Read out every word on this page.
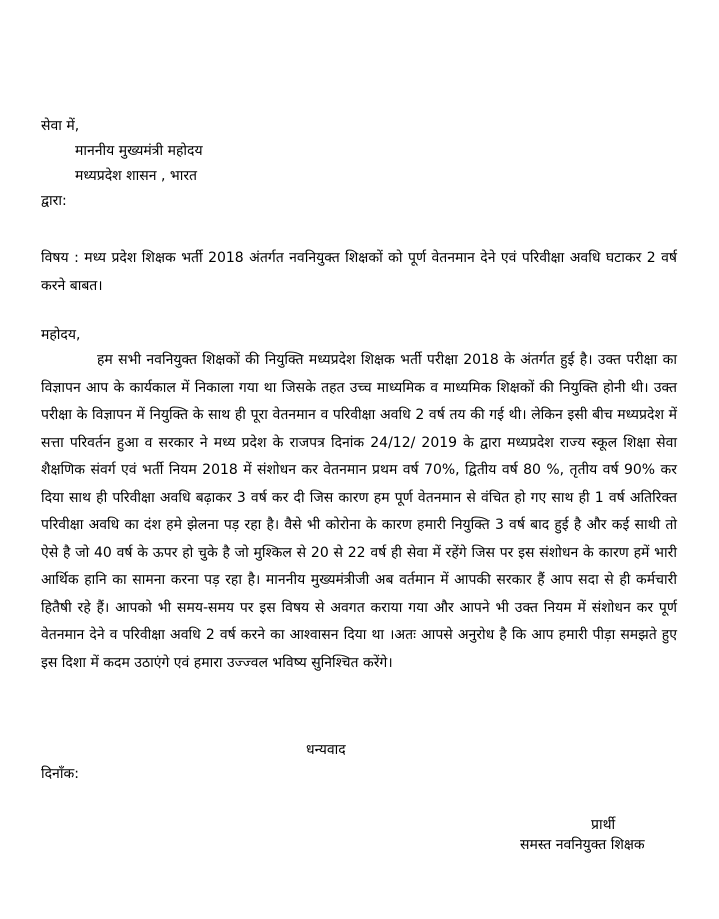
सेवा में,
माननीय मुख्यमंत्री महोदय
मध्यप्रदेश शासन , भारत
द्वारा:

विषय : मध्य प्रदेश शिक्षक भर्ती 2018 अंतर्गत नवनियुक्त शिक्षकों को पूर्ण वेतनमान देने एवं परिवीक्षा अवधि घटाकर 2 वर्ष करने बाबत।

महोदय,

हम सभी नवनियुक्त शिक्षकों की नियुक्ति मध्यप्रदेश शिक्षक भर्ती परीक्षा 2018 के अंतर्गत हुई है। उक्त परीक्षा का विज्ञापन आप के कार्यकाल में निकाला गया था जिसके तहत उच्च माध्यमिक व माध्यमिक शिक्षकों की नियुक्ति होनी थी। उक्त परीक्षा के विज्ञापन में नियुक्ति के साथ ही पूरा वेतनमान व परिवीक्षा अवधि 2 वर्ष तय की गई थी। लेकिन इसी बीच मध्यप्रदेश में सत्ता परिवर्तन हुआ व सरकार ने मध्य प्रदेश के राजपत्र दिनांक 24/12/ 2019 के द्वारा मध्यप्रदेश राज्य स्कूल शिक्षा सेवा शैक्षणिक संवर्ग एवं भर्ती नियम 2018 में संशोधन कर वेतनमान प्रथम वर्ष 70%, द्वितीय वर्ष 80 %, तृतीय वर्ष 90% कर दिया साथ ही परिवीक्षा अवधि बढ़ाकर 3 वर्ष कर दी जिस कारण हम पूर्ण वेतनमान से वंचित हो गए साथ ही 1 वर्ष अतिरिक्त परिवीक्षा अवधि का दंश हमे झेलना पड़ रहा है। वैसे भी कोरोना के कारण हमारी नियुक्ति 3 वर्ष बाद हुई है और कई साथी तो ऐसे है जो 40 वर्ष के ऊपर हो चुके है जो मुश्किल से 20 से 22 वर्ष ही सेवा में रहेंगे जिस पर इस संशोधन के कारण हमें भारी आर्थिक हानि का सामना करना पड़ रहा है। माननीय मुख्यमंत्रीजी अब वर्तमान में आपकी सरकार हैं आप सदा से ही कर्मचारी हितैषी रहे हैं। आपको भी समय-समय पर इस विषय से अवगत कराया गया और आपने भी उक्त नियम में संशोधन कर पूर्ण वेतनमान देने व परिवीक्षा अवधि 2 वर्ष करने का आश्वासन दिया था ।अतः आपसे अनुरोध है कि आप हमारी पीड़ा समझते हुए इस दिशा में कदम उठाएंगे एवं हमारा उज्ज्वल भविष्य सुनिश्चित करेंगे।

धन्यवाद
दिनाँक:
प्रार्थी
समस्त नवनियुक्त शिक्षक
